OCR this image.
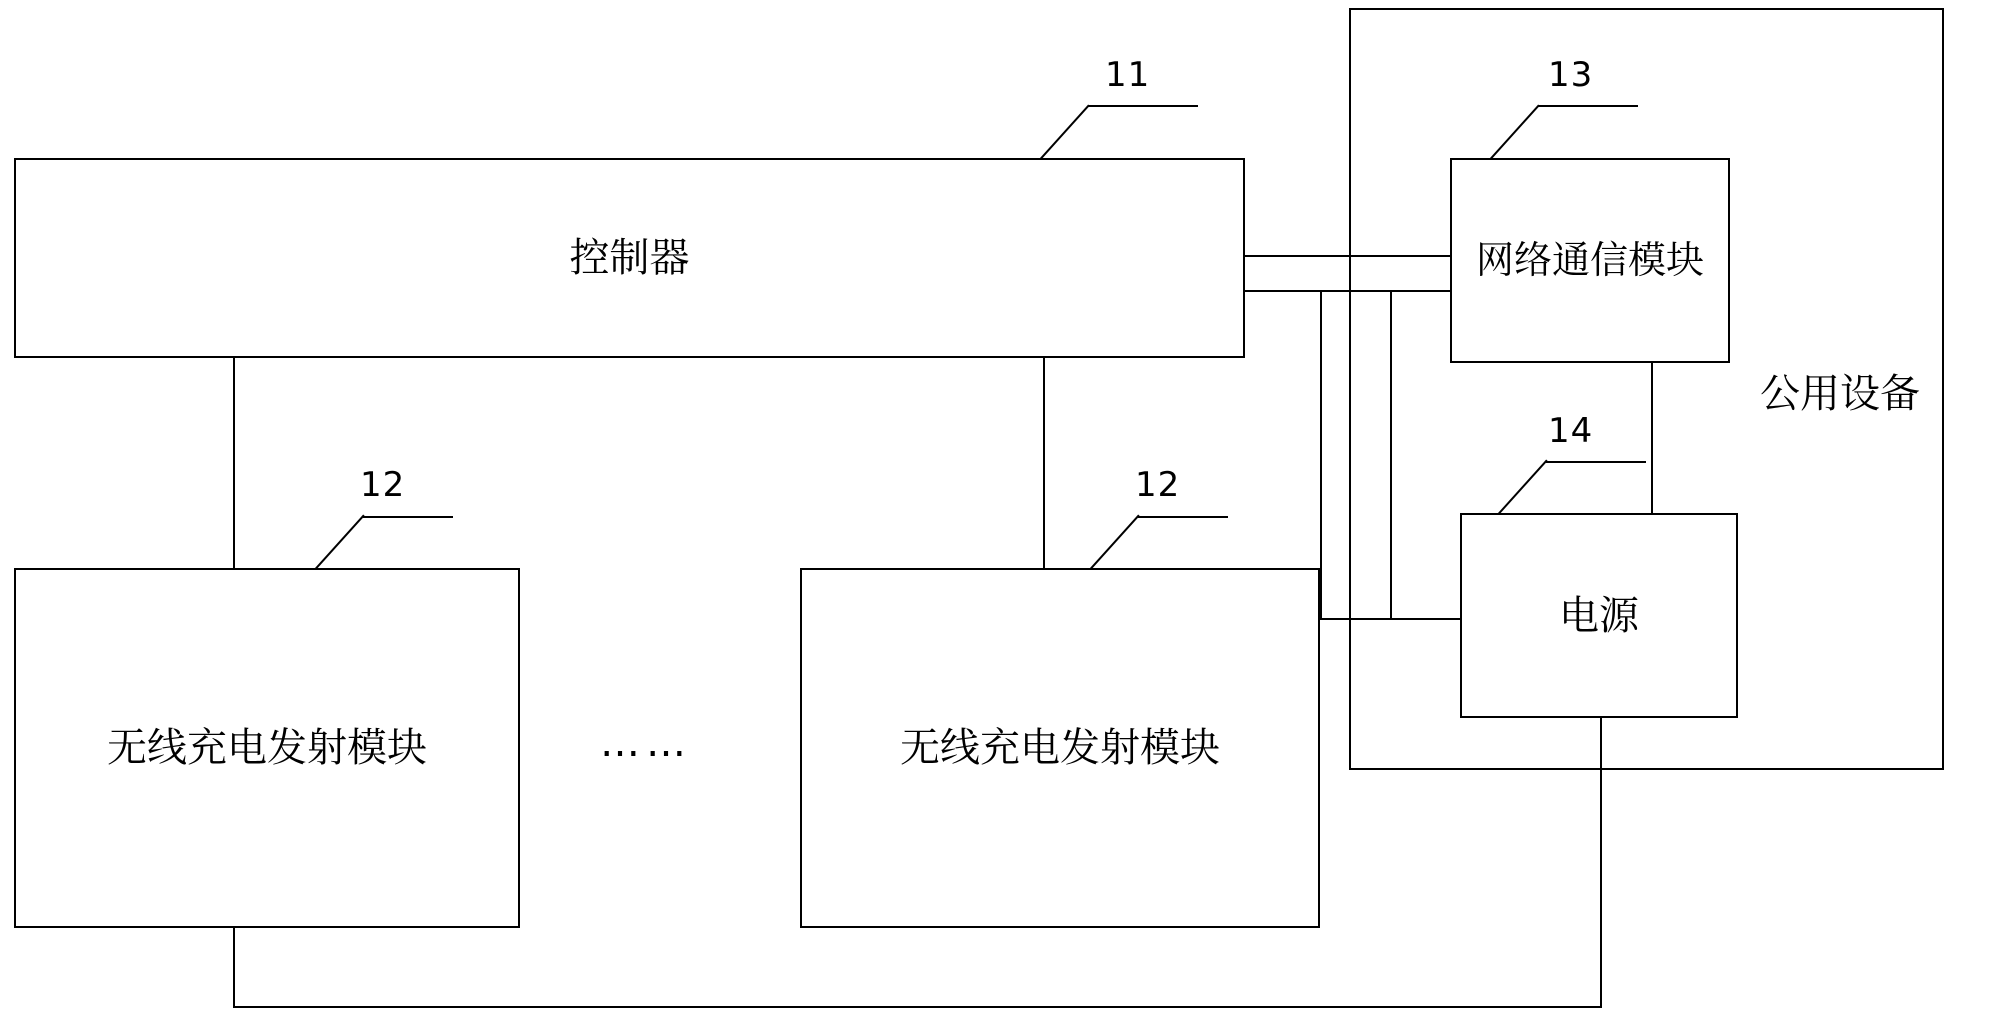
控制器
无线充电发射模块	无线充电发射模块
网络通信模块
电源
……
11
12	12
13
14
公用设备
